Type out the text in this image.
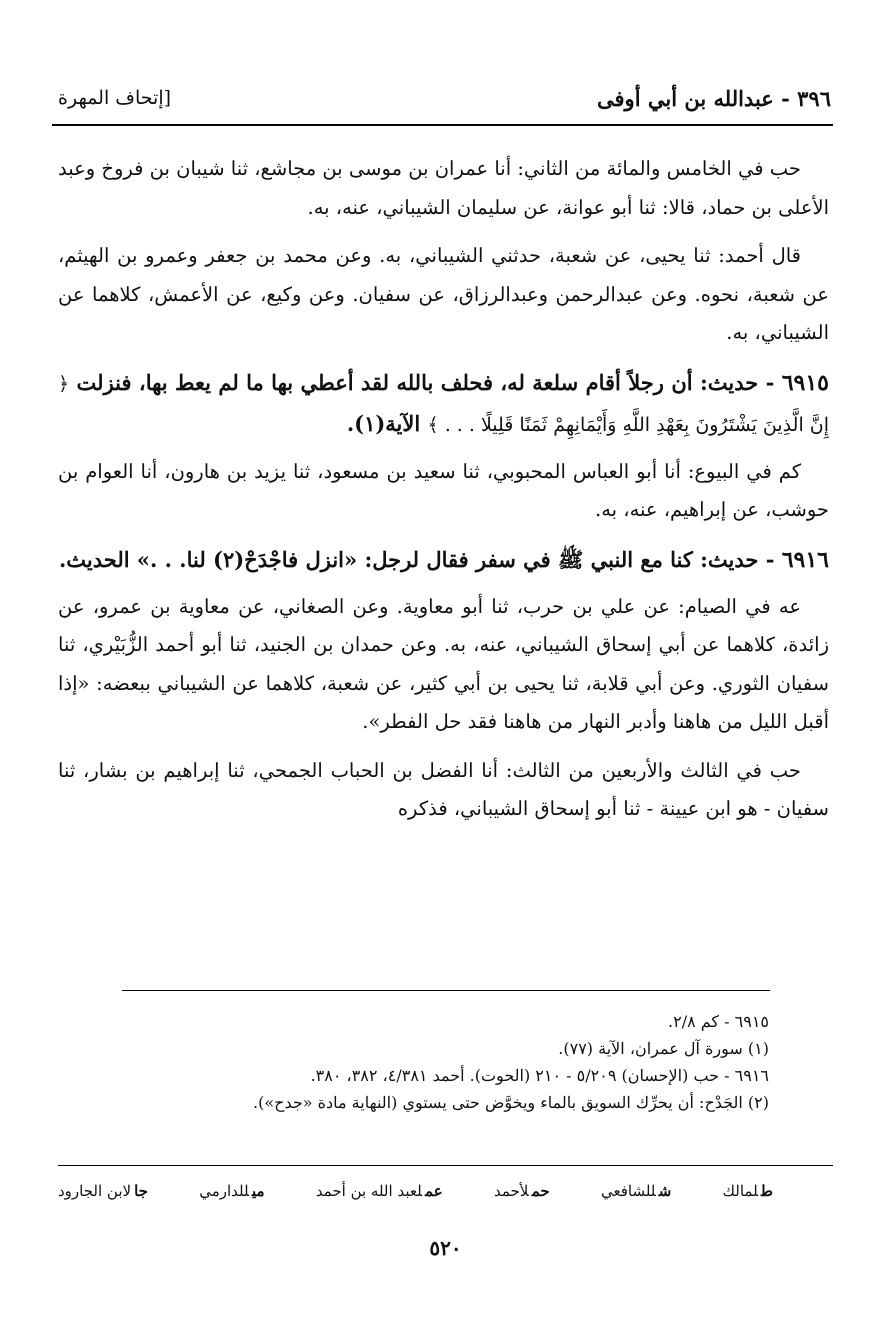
٣٩٦ - عبدالله بن أبي أوفى
[إتحاف المهرة

حب في الخامس والمائة من الثاني: أنا عمران بن موسى بن مجاشع، ثنا شيبان بن فروخ وعبد الأعلى بن حماد، قالا: ثنا أبو عوانة، عن سليمان الشيباني، عنه، به.

قال أحمد: ثنا يحيى، عن شعبة، حدثني الشيباني، به. وعن محمد بن جعفر وعمرو بن الهيثم، عن شعبة، نحوه. وعن عبدالرحمن وعبدالرزاق، عن سفيان. وعن وكيع، عن الأعمش، كلاهما عن الشيباني، به.

٦٩١٥ - حديث: أن رجلاً أقام سلعة له، فحلف بالله لقد أعطي بها ما لم يعط بها، فنزلت ﴿ إِنَّ الَّذِينَ يَشْتَرُونَ بِعَهْدِ اللَّهِ وَأَيْمَانِهِمْ ثَمَنًا قَلِيلًا . . . ﴾ الآية(١).

كم في البيوع: أنا أبو العباس المحبوبي، ثنا سعيد بن مسعود، ثنا يزيد بن هارون، أنا العوام بن حوشب، عن إبراهيم، عنه، به.

٦٩١٦ - حديث: كنا مع النبي ﷺ في سفر فقال لرجل: «انزل فاجْدَحْ(٢) لنا. . .» الحديث.

عه في الصيام: عن علي بن حرب، ثنا أبو معاوية. وعن الصغاني، عن معاوية بن عمرو، عن زائدة، كلاهما عن أبي إسحاق الشيباني، عنه، به. وعن حمدان بن الجنيد، ثنا أبو أحمد الزُّبَيْري، ثنا سفيان الثوري. وعن أبي قلابة، ثنا يحيى بن أبي كثير، عن شعبة، كلاهما عن الشيباني ببعضه: «إذا أقبل الليل من هاهنا وأدبر النهار من هاهنا فقد حل الفطر».

حب في الثالث والأربعين من الثالث: أنا الفضل بن الحباب الجمحي، ثنا إبراهيم بن بشار، ثنا سفيان - هو ابن عيينة - ثنا أبو إسحاق الشيباني، فذكره

٦٩١٥ - كم ٢/٨.
(١) سورة آل عمران، الآية (٧٧).
٦٩١٦ - حب (الإحسان) ٥/٢٠٩ - ٢١٠ (الحوت). أحمد ٤/٣٨١، ٣٨٢، ٣٨٠.
(٢) الجَدْح: أن يحرِّك السويق بالماء ويخوَّض حتى يستوي (النهاية مادة «جدح»).
طلمالك
شللشافعي
حملأحمد
عملعبد الله بن أحمد
ميللدارمي
جالابن الجارود
٥٢٠
